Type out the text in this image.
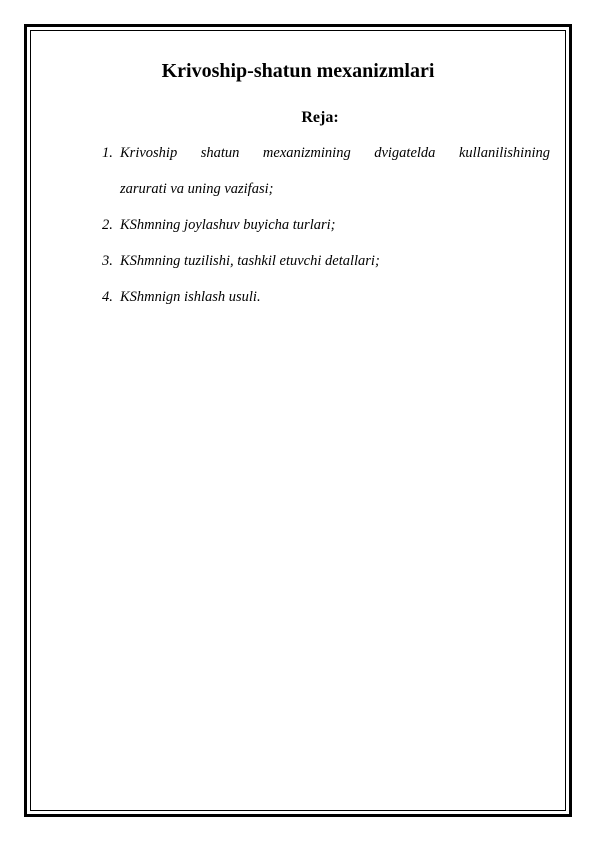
Krivoship-shatun mexanizmlari
Reja:
1. Krivoship shatun mexanizmining dvigatelda kullanilishining
zarurati va uning vazifasi;
2. KShmning joylashuv buyicha turlari;
3. KShmning tuzilishi, tashkil etuvchi detallari;
4. KShmnign ishlash usuli.
